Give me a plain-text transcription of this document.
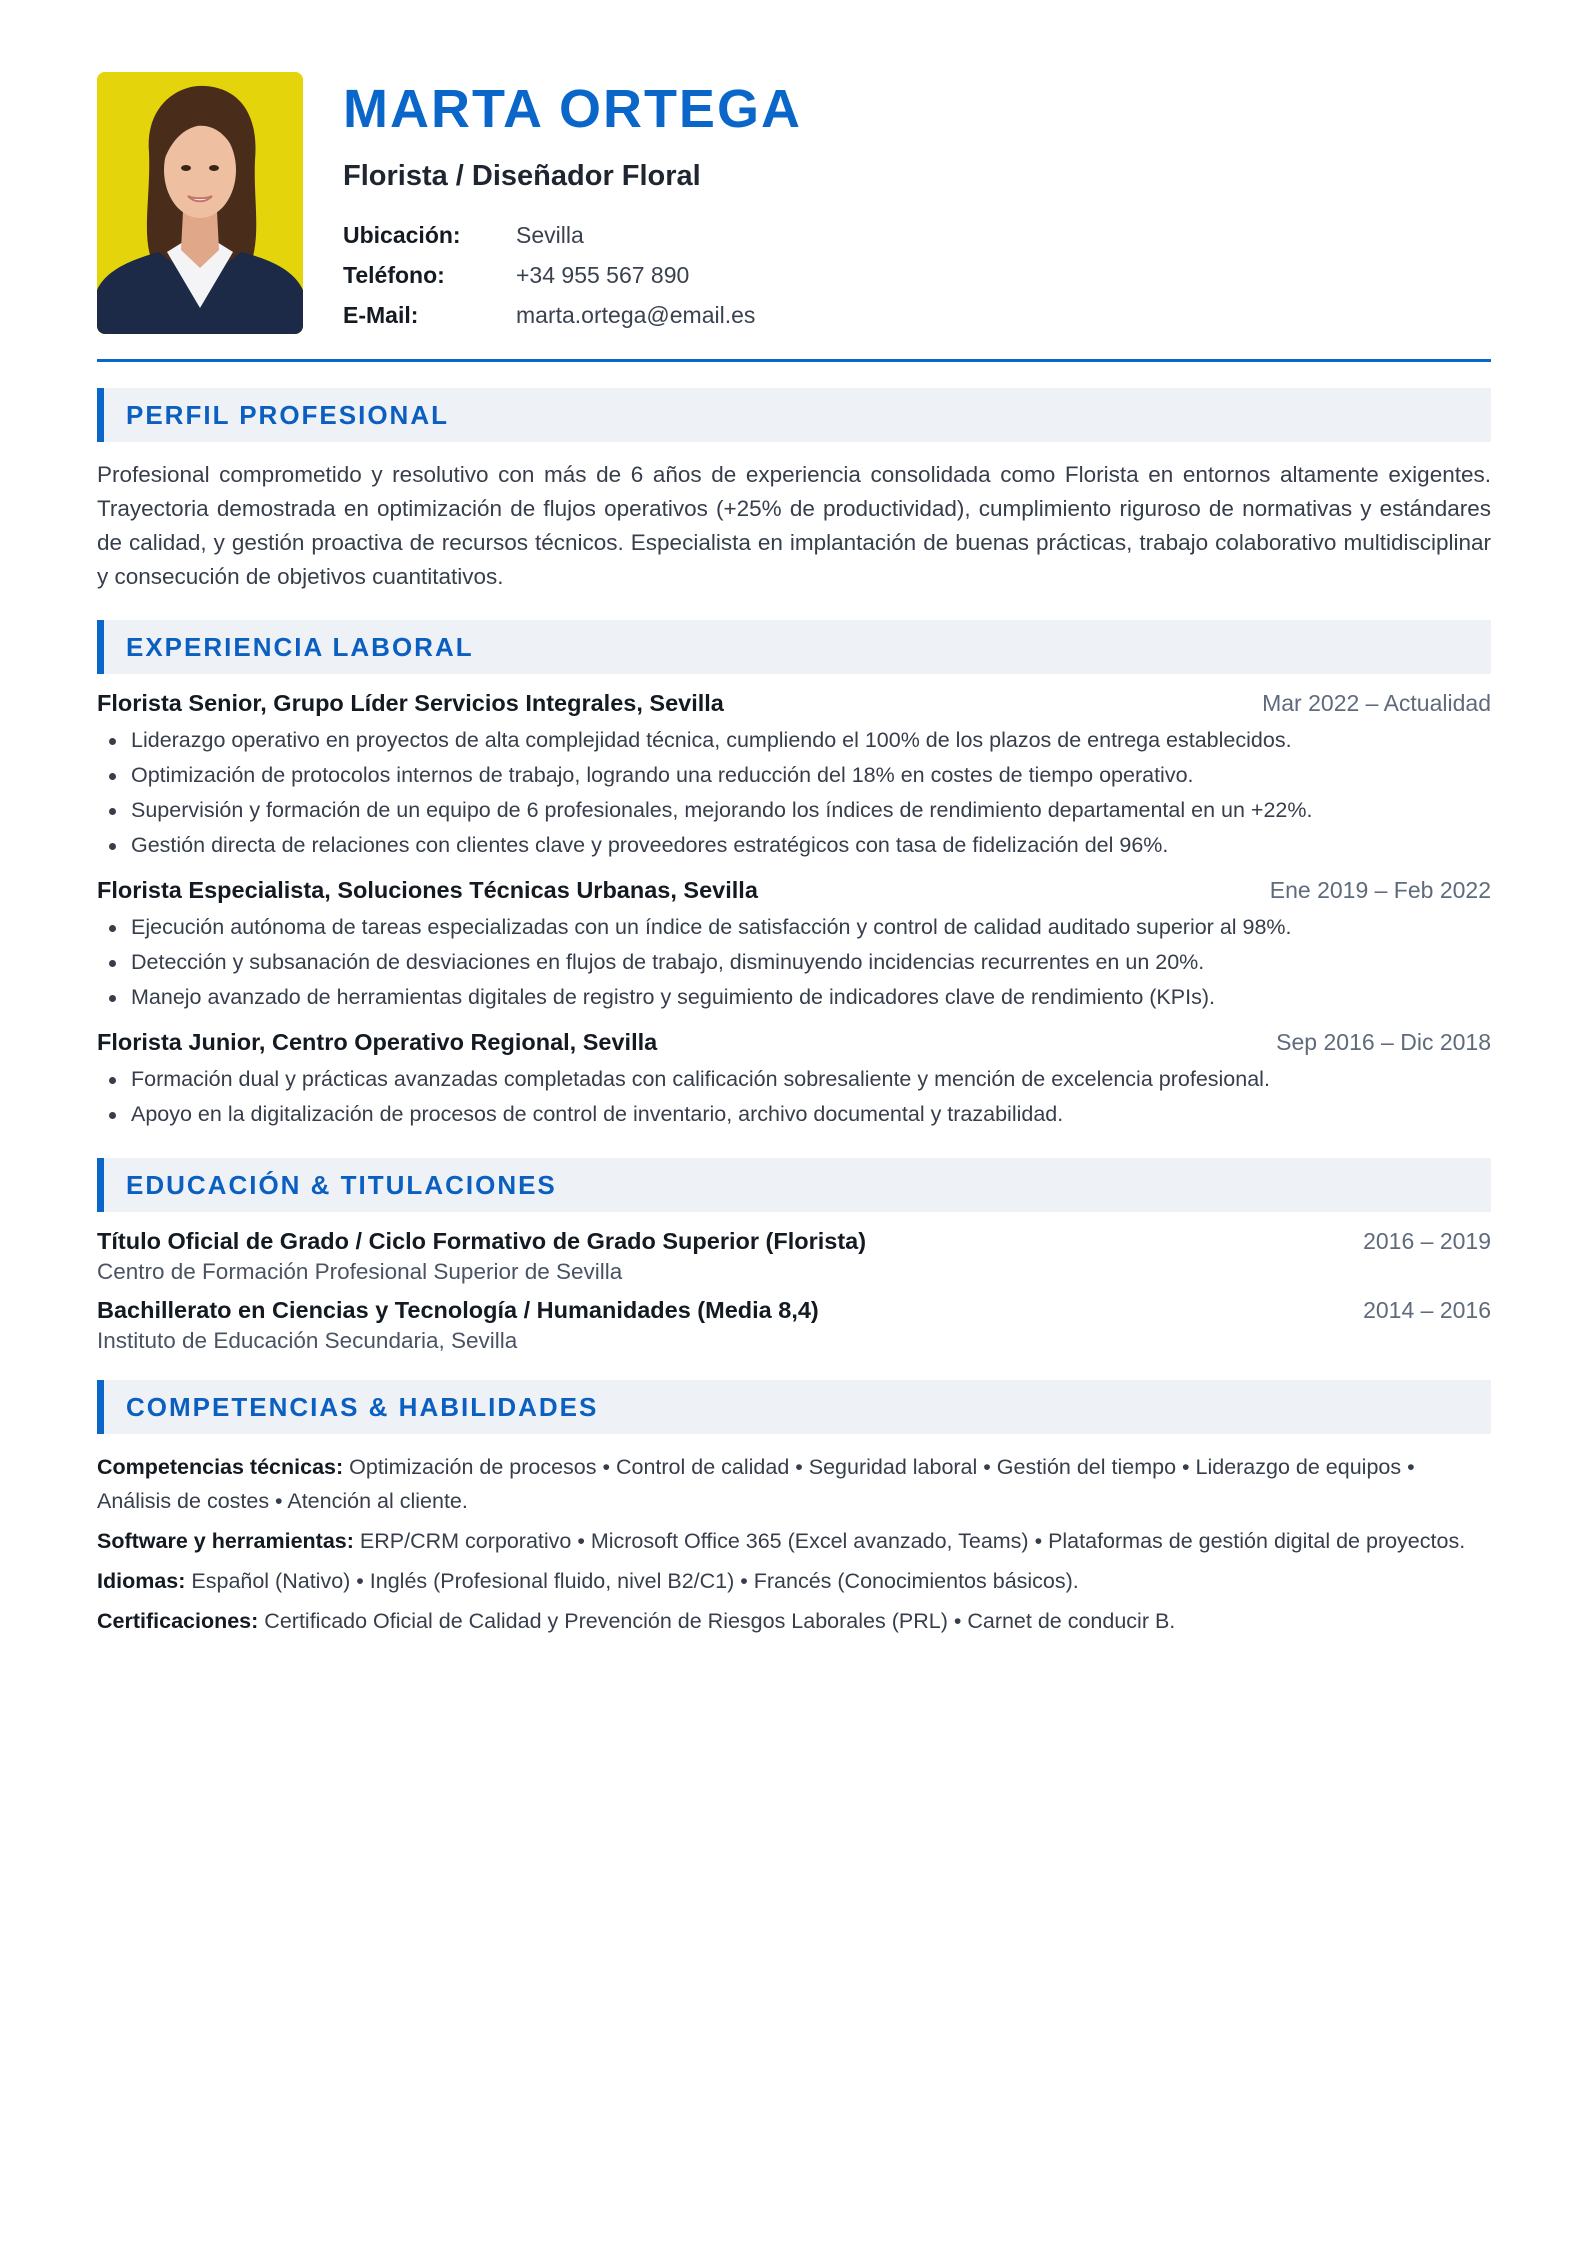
MARTA ORTEGA
Florista / Diseñador Floral
Ubicación:	Sevilla
Teléfono:	+34 955 567 890
E-Mail:	marta.ortega@email.es
PERFIL PROFESIONAL

Profesional comprometido y resolutivo con más de 6 años de experiencia consolidada como Florista en entornos altamente exigentes. Trayectoria demostrada en optimización de flujos operativos (+25% de productividad), cumplimiento riguroso de normativas y estándares de calidad, y gestión proactiva de recursos técnicos. Especialista en implantación de buenas prácticas, trabajo colaborativo multidisciplinar y consecución de objetivos cuantitativos.

EXPERIENCIA LABORAL
Florista Senior, Grupo Líder Servicios Integrales, Sevilla	Mar 2022 – Actualidad
Liderazgo operativo en proyectos de alta complejidad técnica, cumpliendo el 100% de los plazos de entrega establecidos.
Optimización de protocolos internos de trabajo, logrando una reducción del 18% en costes de tiempo operativo.
Supervisión y formación de un equipo de 6 profesionales, mejorando los índices de rendimiento departamental en un +22%.
Gestión directa de relaciones con clientes clave y proveedores estratégicos con tasa de fidelización del 96%.
Florista Especialista, Soluciones Técnicas Urbanas, Sevilla	Ene 2019 – Feb 2022
Ejecución autónoma de tareas especializadas con un índice de satisfacción y control de calidad auditado superior al 98%.
Detección y subsanación de desviaciones en flujos de trabajo, disminuyendo incidencias recurrentes en un 20%.
Manejo avanzado de herramientas digitales de registro y seguimiento de indicadores clave de rendimiento (KPIs).
Florista Junior, Centro Operativo Regional, Sevilla	Sep 2016 – Dic 2018
Formación dual y prácticas avanzadas completadas con calificación sobresaliente y mención de excelencia profesional.
Apoyo en la digitalización de procesos de control de inventario, archivo documental y trazabilidad.
EDUCACIÓN & TITULACIONES
Título Oficial de Grado / Ciclo Formativo de Grado Superior (Florista)	2016 – 2019
Centro de Formación Profesional Superior de Sevilla
Bachillerato en Ciencias y Tecnología / Humanidades (Media 8,4)	2014 – 2016
Instituto de Educación Secundaria, Sevilla
COMPETENCIAS & HABILIDADES

Competencias técnicas: Optimización de procesos • Control de calidad • Seguridad laboral • Gestión del tiempo • Liderazgo de equipos • Análisis de costes • Atención al cliente.

Software y herramientas: ERP/CRM corporativo • Microsoft Office 365 (Excel avanzado, Teams) • Plataformas de gestión digital de proyectos.

Idiomas: Español (Nativo) • Inglés (Profesional fluido, nivel B2/C1) • Francés (Conocimientos básicos).

Certificaciones: Certificado Oficial de Calidad y Prevención de Riesgos Laborales (PRL) • Carnet de conducir B.
